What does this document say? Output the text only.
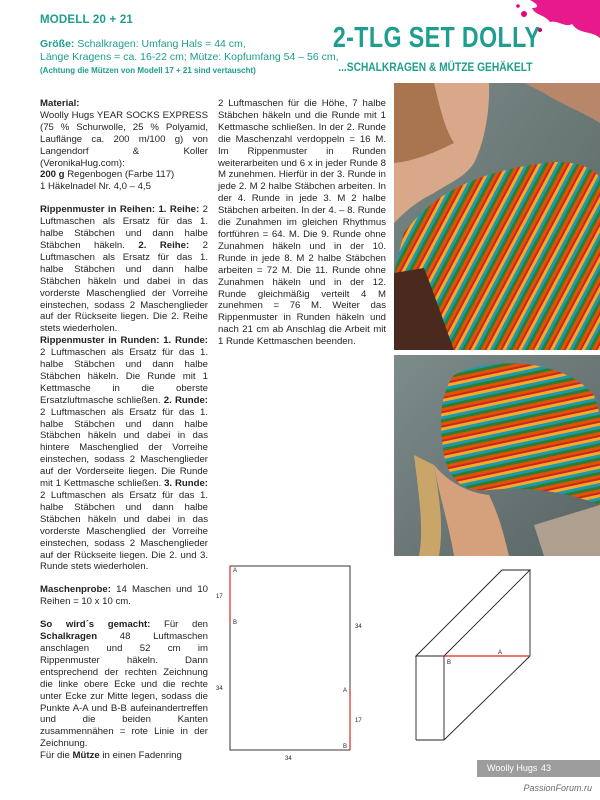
MODELL 20 + 21
Größe: Schalkragen: Umfang Hals = 44 cm,
Länge Kragens = ca. 16-22 cm; Mütze: Kopfumfang 54 – 56 cm,
(Achtung die Mützen von Modell 17 + 21 sind vertauscht)
2-TLG SET DOLLY
...SCHALKRAGEN & MÜTZE GEHÄKELT

Material:
Woolly Hugs YEAR SOCKS EXPRESS (75 % Schurwolle, 25 % Polyamid, Lauflänge ca. 200 m/100 g) von Langendorf & Koller (VeronikaHug.com):
200 g Regenbogen (Farbe 117)
1 Häkelnadel Nr. 4,0 – 4,5

Rippenmuster in Reihen: 1. Reihe: 2 Luftmaschen als Ersatz für das 1. halbe Stäbchen und dann halbe Stäbchen häkeln. 2. Reihe: 2 Luftmaschen als Ersatz für das 1. halbe Stäbchen und dann halbe Stäbchen häkeln und dabei in das vorderste Maschenglied der Vorreihe einstechen, sodass 2 Maschenglieder auf der Rückseite liegen. Die 2. Reihe stets wiederholen.

Rippenmuster in Runden: 1. Runde: 2 Luftmaschen als Ersatz für das 1. halbe Stäbchen und dann halbe Stäbchen häkeln. Die Runde mit 1 Kettmasche in die oberste Ersatzluftmasche schließen. 2. Runde: 2 Luftmaschen als Ersatz für das 1. halbe Stäbchen und dann halbe Stäbchen häkeln und dabei in das hintere Maschenglied der Vorreihe einstechen, sodass 2 Maschenglieder auf der Vorderseite liegen. Die Runde mit 1 Kettmasche schließen. 3. Runde: 2 Luftmaschen als Ersatz für das 1. halbe Stäbchen und dann halbe Stäbchen häkeln und dabei in das vorderste Maschenglied der Vorreihe einstechen, sodass 2 Maschenglieder auf der Rückseite liegen. Die 2. und 3. Runde stets wiederholen.

Maschenprobe: 14 Maschen und 10 Reihen = 10 x 10 cm.

So wird´s gemacht: Für den Schalkragen 48 Luftmaschen anschlagen und 52 cm im Rippenmuster häkeln. Dann entsprechend der rechten Zeichnung die linke obere Ecke und die rechte unter Ecke zur Mitte legen, sodass die Punkte A-A und B-B aufeinandertreffen und die beiden Kanten zusammennähen = rote Linie in der Zeichnung.
Für die Mütze in einen Fadenring

2 Luftmaschen für die Höhe, 7 halbe Stäbchen häkeln und die Runde mit 1 Kettmasche schließen. In der 2. Runde die Maschenzahl verdoppeln = 16 M. Im Rippenmuster in Runden weiterarbeiten und 6 x in jeder Runde 8 M zunehmen. Hierfür in der 3. Runde in jede 2. M 2 halbe Stäbchen arbeiten. In der 4. Runde in jede 3. M 2 halbe Stäbchen arbeiten. In der 4. – 8. Runde die Zunahmen im gleichen Rhythmus fortführen = 64. M. Die 9. Runde ohne Zunahmen häkeln und in der 10. Runde in jede 8. M 2 halbe Stäbchen arbeiten = 72 M. Die 11. Runde ohne Zunahmen häkeln und in der 12. Runde gleichmäßig verteilt 4 M zunehmen = 76 M. Weiter das Rippenmuster in Runden häkeln und nach 21 cm ab Anschlag die Arbeit mit 1 Runde Kettmaschen beenden.

A
B
A
B
17
34
34
17
34
B
A
Woolly Hugs 43
PassionForum.ru
